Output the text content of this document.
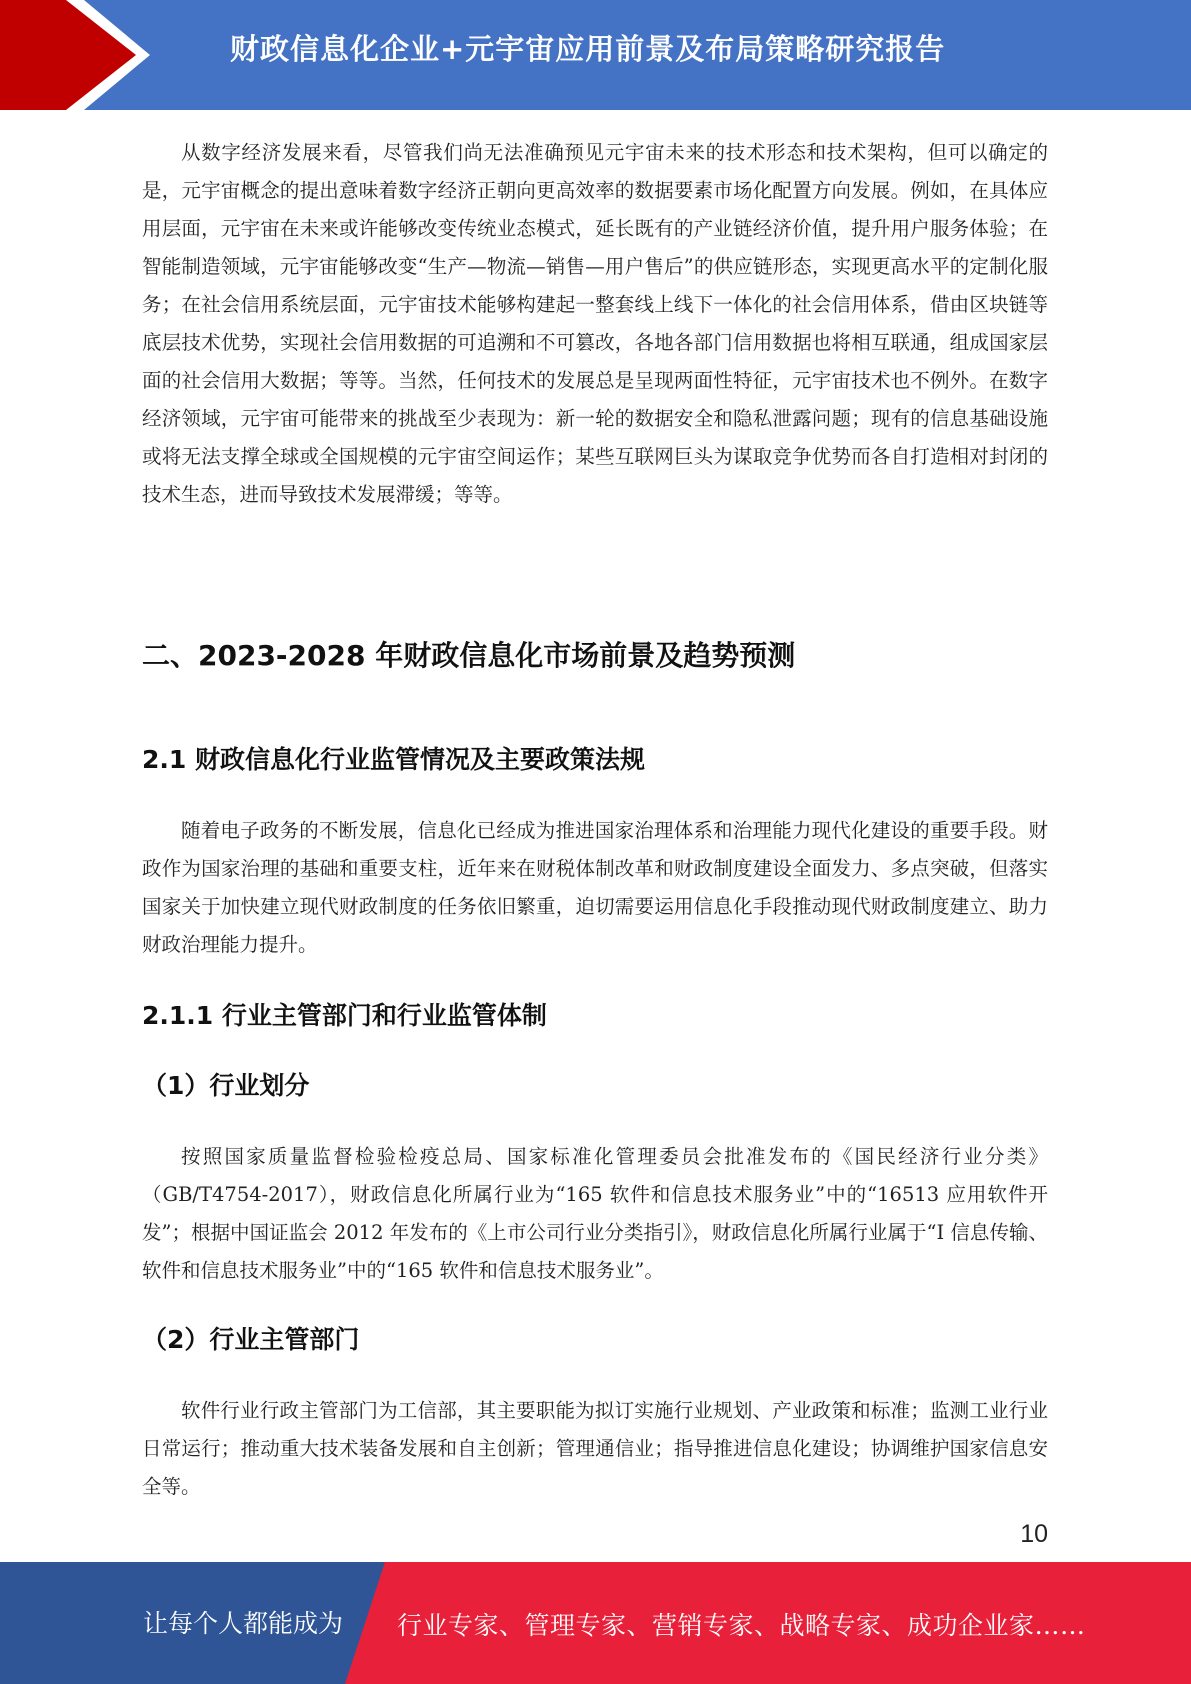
财政信息化企业+元宇宙应用前景及布局策略研究报告

从数字经济发展来看，尽管我们尚无法准确预见元宇宙未来的技术形态和技术架构，但可以确定的是，元宇宙概念的提出意味着数字经济正朝向更高效率的数据要素市场化配置方向发展。例如，在具体应用层面，元宇宙在未来或许能够改变传统业态模式，延长既有的产业链经济价值，提升用户服务体验；在智能制造领域，元宇宙能够改变“生产—物流—销售—用户售后”的供应链形态，实现更高水平的定制化服务；在社会信用系统层面，元宇宙技术能够构建起一整套线上线下一体化的社会信用体系，借由区块链等底层技术优势，实现社会信用数据的可追溯和不可篡改，各地各部门信用数据也将相互联通，组成国家层面的社会信用大数据；等等。当然，任何技术的发展总是呈现两面性特征，元宇宙技术也不例外。在数字经济领域，元宇宙可能带来的挑战至少表现为：新一轮的数据安全和隐私泄露问题；现有的信息基础设施或将无法支撑全球或全国规模的元宇宙空间运作；某些互联网巨头为谋取竞争优势而各自打造相对封闭的技术生态，进而导致技术发展滞缓；等等。

二、2023-2028 年财政信息化市场前景及趋势预测
2.1 财政信息化行业监管情况及主要政策法规

随着电子政务的不断发展，信息化已经成为推进国家治理体系和治理能力现代化建设的重要手段。财政作为国家治理的基础和重要支柱，近年来在财税体制改革和财政制度建设全面发力、多点突破，但落实国家关于加快建立现代财政制度的任务依旧繁重，迫切需要运用信息化手段推动现代财政制度建立、助力财政治理能力提升。

2.1.1 行业主管部门和行业监管体制
（1）行业划分

按照国家质量监督检验检疫总局、国家标准化管理委员会批准发布的《国民经济行业分类》（GB/T4754-2017），财政信息化所属行业为“165 软件和信息技术服务业”中的“16513 应用软件开发”；根据中国证监会 2012 年发布的《上市公司行业分类指引》，财政信息化所属行业属于“I 信息传输、软件和信息技术服务业”中的“165 软件和信息技术服务业”。

（2）行业主管部门

软件行业行政主管部门为工信部，其主要职能为拟订实施行业规划、产业政策和标准；监测工业行业日常运行；推动重大技术装备发展和自主创新；管理通信业；指导推进信息化建设；协调维护国家信息安全等。

10
让每个人都能成为 行业专家、管理专家、营销专家、战略专家、成功企业家……
